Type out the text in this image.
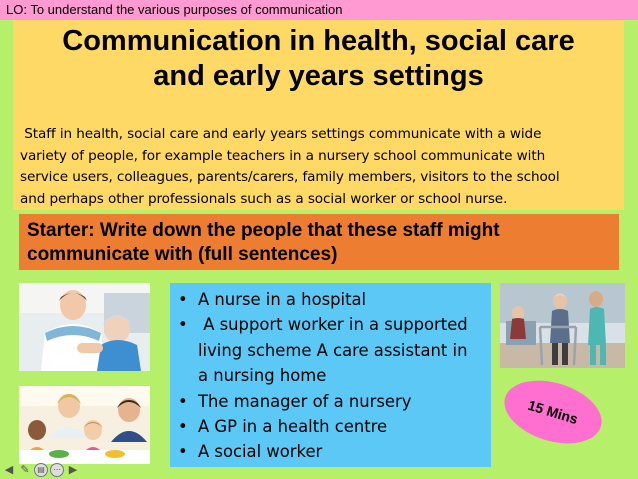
LO: To understand the various purposes of communication
Communication in health, social care
and early years settings
Staff in health, social care and early years settings communicate with a wide
variety of people, for example teachers in a nursery school communicate with
service users, colleagues, parents/carers, family members, visitors to the school
and perhaps other professionals such as a social worker or school nurse.
Starter: Write down the people that these staff might
communicate with (full sentences)
• A nurse in a hospital
• A support worker in a supported
living scheme A care assistant in
a nursing home
• The manager of a nursery
• A GP in a health centre
• A social worker
15 Mins
◀ ✎ ▤	⋯ ▶
